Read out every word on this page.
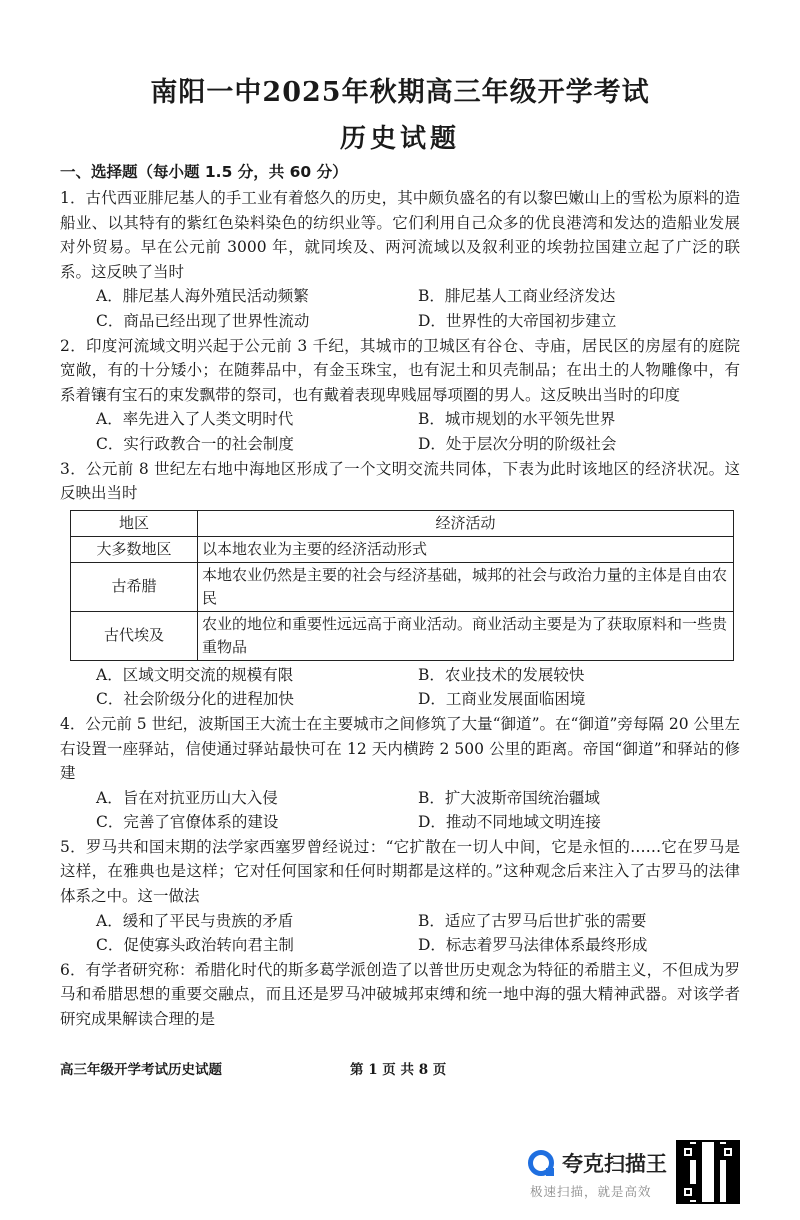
南阳一中2025年秋期高三年级开学考试
历史试题
一、选择题（每小题 1.5 分，共 60 分）
1．古代西亚腓尼基人的手工业有着悠久的历史，其中颇负盛名的有以黎巴嫩山上的雪松为原料的造船业、以其特有的紫红色染料染色的纺织业等。它们利用自己众多的优良港湾和发达的造船业发展对外贸易。早在公元前 3000 年，就同埃及、两河流域以及叙利亚的埃勃拉国建立起了广泛的联系。这反映了当时
A．腓尼基人海外殖民活动频繁	B．腓尼基人工商业经济发达
C．商品已经出现了世界性流动	D．世界性的大帝国初步建立
2．印度河流域文明兴起于公元前 3 千纪，其城市的卫城区有谷仓、寺庙，居民区的房屋有的庭院宽敞，有的十分矮小；在随葬品中，有金玉珠宝，也有泥土和贝壳制品；在出土的人物雕像中，有系着镶有宝石的束发飘带的祭司，也有戴着表现卑贱屈辱项圈的男人。这反映出当时的印度
A．率先进入了人类文明时代	B．城市规划的水平领先世界
C．实行政教合一的社会制度	D．处于层次分明的阶级社会
3．公元前 8 世纪左右地中海地区形成了一个文明交流共同体，下表为此时该地区的经济状况。这反映出当时
地区	经济活动
大多数地区	以本地农业为主要的经济活动形式
古希腊	本地农业仍然是主要的社会与经济基础，城邦的社会与政治力量的主体是自由农民
古代埃及	农业的地位和重要性远远高于商业活动。商业活动主要是为了获取原料和一些贵重物品
A．区域文明交流的规模有限	B．农业技术的发展较快
C．社会阶级分化的进程加快	D．工商业发展面临困境
4．公元前 5 世纪，波斯国王大流士在主要城市之间修筑了大量“御道”。在“御道”旁每隔 20 公里左右设置一座驿站，信使通过驿站最快可在 12 天内横跨 2 500 公里的距离。帝国“御道”和驿站的修建
A．旨在对抗亚历山大入侵	B．扩大波斯帝国统治疆域
C．完善了官僚体系的建设	D．推动不同地域文明连接
5．罗马共和国末期的法学家西塞罗曾经说过：“它扩散在一切人中间，它是永恒的……它在罗马是这样，在雅典也是这样；它对任何国家和任何时期都是这样的。”这种观念后来注入了古罗马的法律体系之中。这一做法
A．缓和了平民与贵族的矛盾	B．适应了古罗马后世扩张的需要
C．促使寡头政治转向君主制	D．标志着罗马法律体系最终形成
6．有学者研究称：希腊化时代的斯多葛学派创造了以普世历史观念为特征的希腊主义，不但成为罗马和希腊思想的重要交融点，而且还是罗马冲破城邦束缚和统一地中海的强大精神武器。对该学者研究成果解读合理的是
高三年级开学考试历史试题	第 1 页 共 8 页
夸克扫描王
极速扫描，就是高效
